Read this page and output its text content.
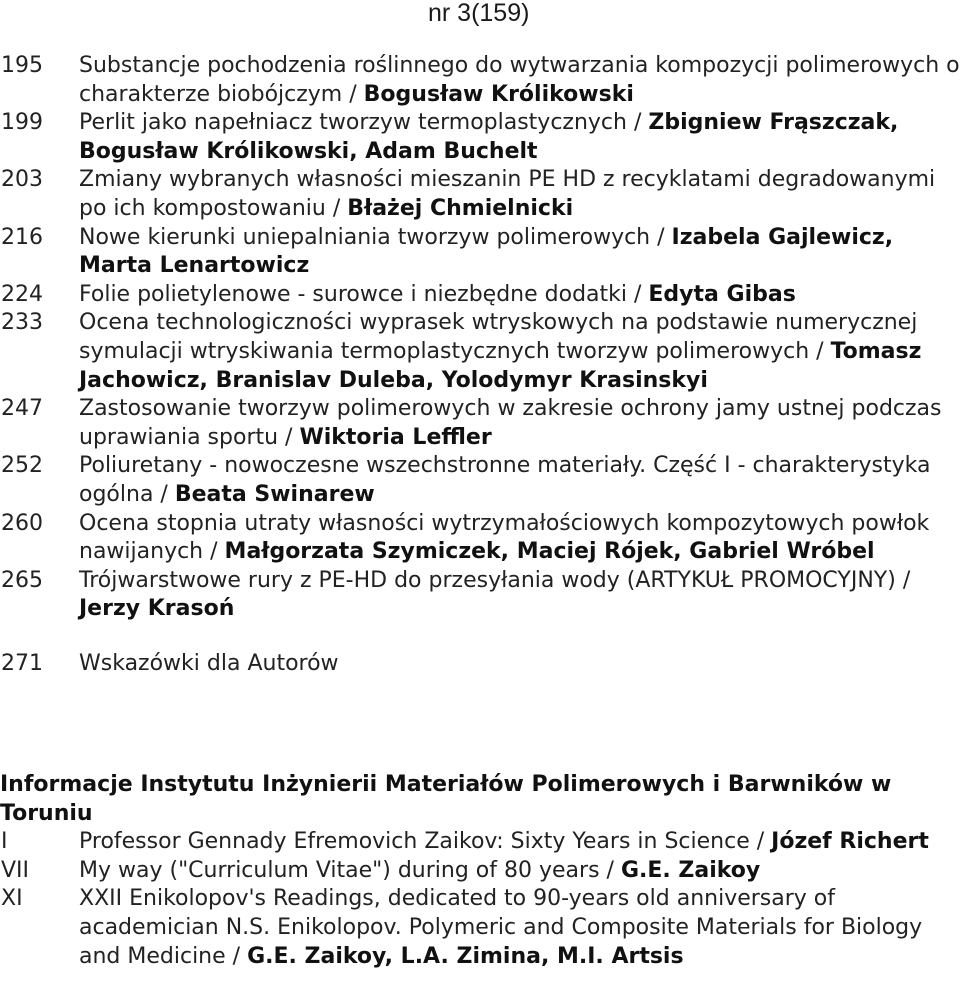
nr 3(159)
195	Substancje pochodzenia roślinnego do wytwarzania kompozycji polimerowych o charakterze biobójczym / Bogusław Królikowski
199	Perlit jako napełniacz tworzyw termoplastycznych / Zbigniew Frąszczak, Bogusław Królikowski, Adam Buchelt
203	Zmiany wybranych własności mieszanin PE HD z recyklatami degradowanymi po ich kompostowaniu / Błażej Chmielnicki
216	Nowe kierunki uniepalniania tworzyw polimerowych / Izabela Gajlewicz, Marta Lenartowicz
224	Folie polietylenowe - surowce i niezbędne dodatki / Edyta Gibas
233	Ocena technologiczności wyprasek wtryskowych na podstawie numerycznej symulacji wtryskiwania termoplastycznych tworzyw polimerowych / Tomasz Jachowicz, Branislav Duleba, Yolodymyr Krasinskyi
247	Zastosowanie tworzyw polimerowych w zakresie ochrony jamy ustnej podczas uprawiania sportu / Wiktoria Leffler
252	Poliuretany - nowoczesne wszechstronne materiały. Część I - charakterystyka ogólna / Beata Swinarew
260	Ocena stopnia utraty własności wytrzymałościowych kompozytowych powłok nawijanych / Małgorzata Szymiczek, Maciej Rójek, Gabriel Wróbel
265	Trójwarstwowe rury z PE-HD do przesyłania wody (ARTYKUŁ PROMOCYJNY) / Jerzy Krasoń
271	Wskazówki dla Autorów
Informacje Instytutu Inżynierii Materiałów Polimerowych i Barwników w Toruniu
I	Professor Gennady Efremovich Zaikov: Sixty Years in Science / Józef Richert
VII	My way ("Curriculum Vitae") during of 80 years / G.E. Zaikoy
XI	XXII Enikolopov's Readings, dedicated to 90-years old anniversary of academician N.S. Enikolopov. Polymeric and Composite Materials for Biology and Medicine / G.E. Zaikoy, L.A. Zimina, M.I. Artsis
